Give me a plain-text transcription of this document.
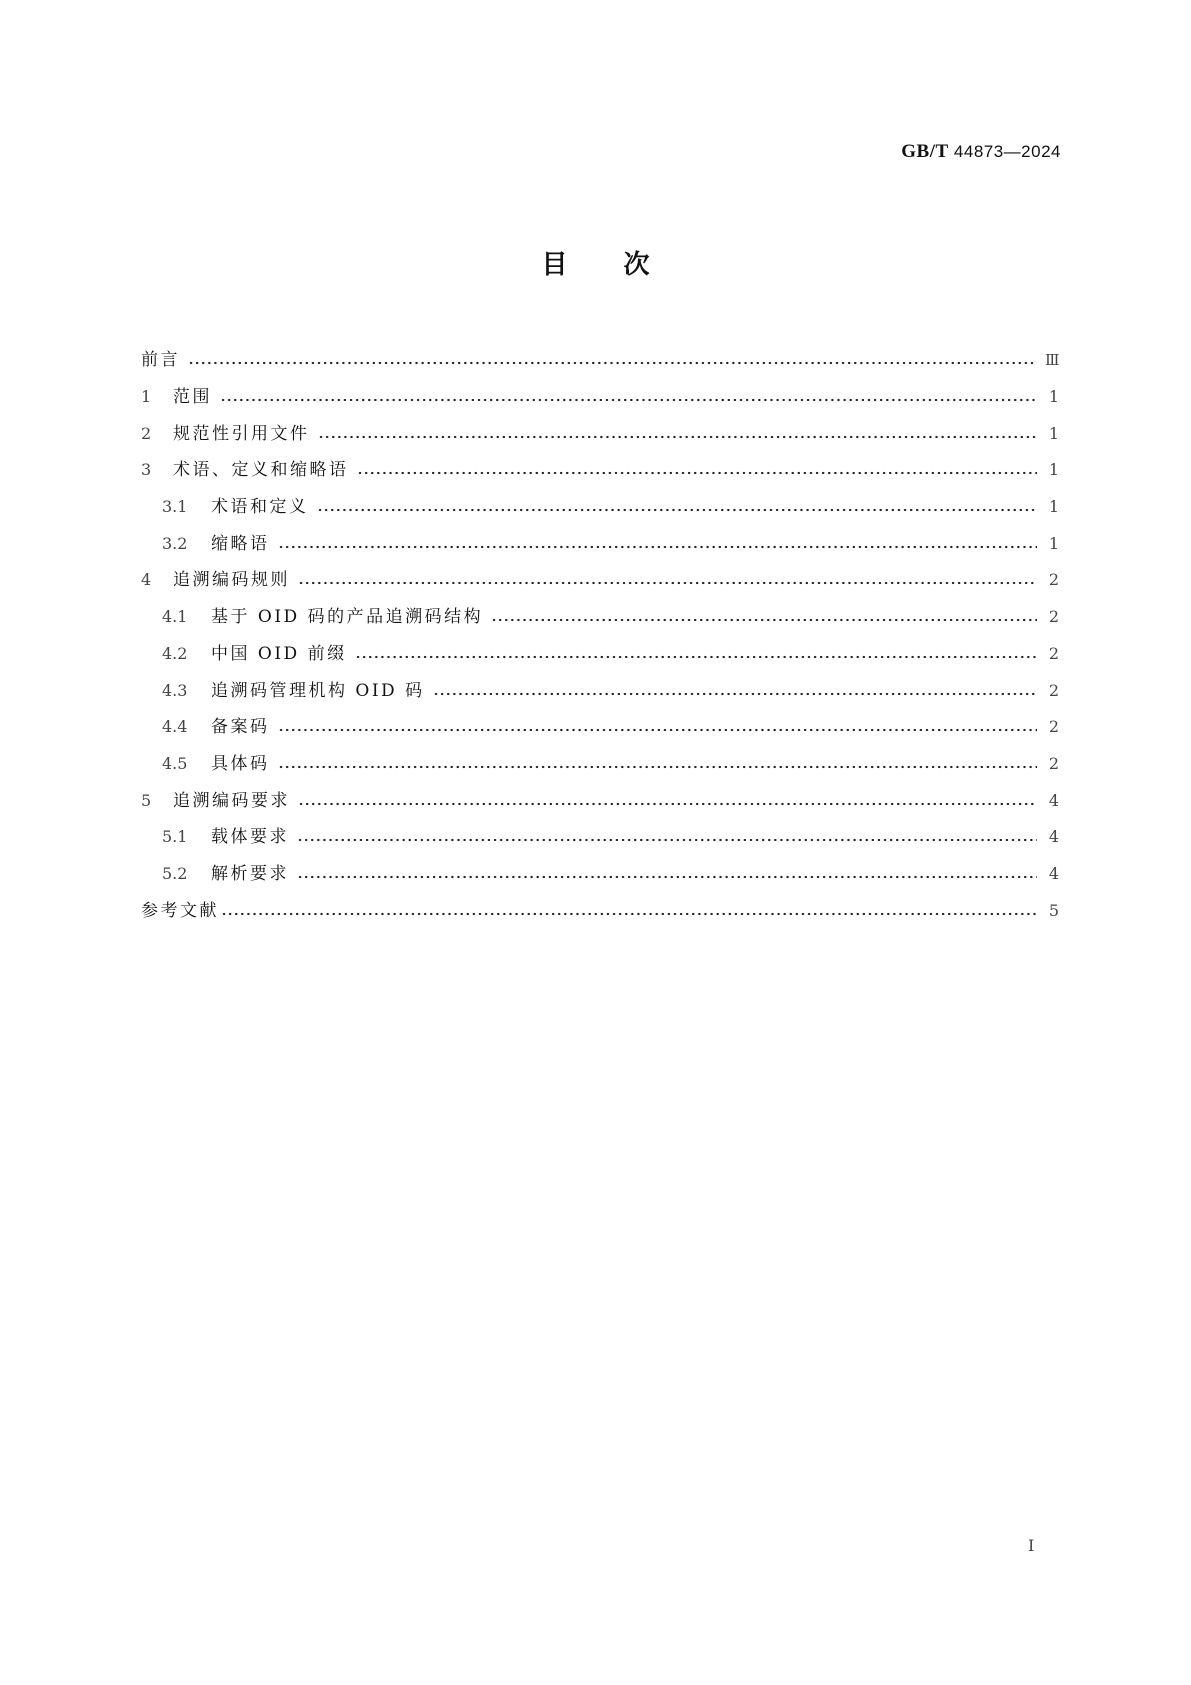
GB/T 44873—2024
目 次
前言	Ⅲ
1	范围	1
2	规范性引用文件	1
3	术语、定义和缩略语	1
3.1	术语和定义	1
3.2	缩略语	1
4	追溯编码规则	2
4.1	基于 OID 码的产品追溯码结构	2
4.2	中国 OID 前缀	2
4.3	追溯码管理机构 OID 码	2
4.4	备案码	2
4.5	具体码	2
5	追溯编码要求	4
5.1	载体要求	4
5.2	解析要求	4
参考文献	5
I
